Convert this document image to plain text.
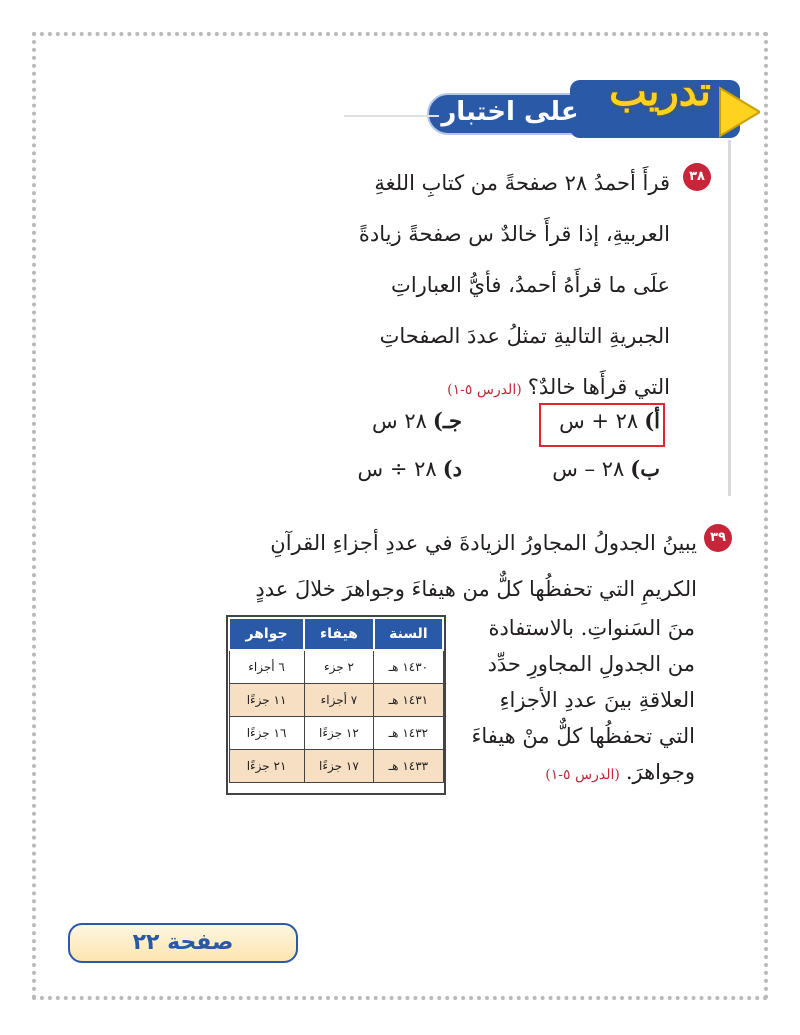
تدريب
على اختبار
٣٨
قرأَ أحمدُ ٢٨ صفحةً من كتابِ اللغةِ
العربيةِ، إذا قرأَ خالدٌ س صفحةً زيادةً
علَى ما قرأَهُ أحمدُ، فأيُّ العباراتِ
الجبريةِ التاليةِ تمثلُ عددَ الصفحاتِ
التي قرأَها خالدٌ؟(الدرس ٥-١)
أ)٢٨ + س
جـ)٢٨ س
ب)٢٨ – س
د)٢٨ ÷ س
٣٩
يبينُ الجدولُ المجاورُ الزيادةَ في عددِ أجزاءِ القرآنِ
الكريمِ التي تحفظُها كلٌّ من هيفاءَ وجواهرَ خلالَ عددٍ
منَ السَنواتِ. بالاستفادة
من الجدولِ المجاورِ حدِّد
العلاقةِ بينَ عددِ الأجزاءِ
التي تحفظُها كلٌّ منْ هيفاءَ
وجواهرَ.(الدرس ٥-١)
السنة	هيفاء	جواهر
١٤٣٠ هـ	٢ جزء	٦ أجزاء
١٤٣١ هـ	٧ أجزاء	١١ جزءًا
١٤٣٢ هـ	١٢ جزءًا	١٦ جزءًا
١٤٣٣ هـ	١٧ جزءًا	٢١ جزءًا
صفحة ٢٢
